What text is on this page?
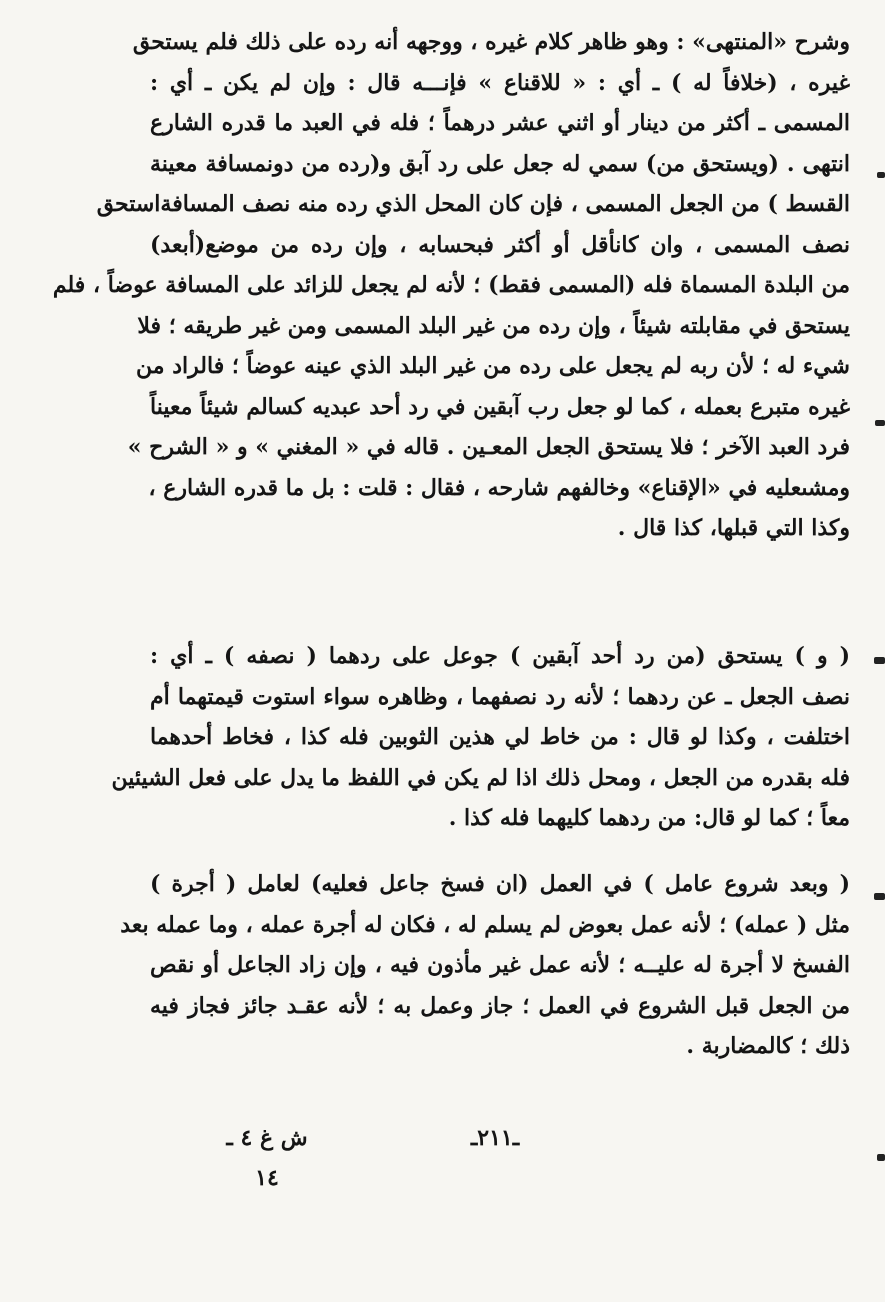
وشرح «المنتهى» : وهو ظاهر كلام غيره ، ووجهه أنه رده على ذلك فلم يستحق
غيره ، (خلافاً له ) ـ أي : « للاقناع » فإنـــه قال : وإن لم يكن ـ أي :
المسمى ـ أكثر من دينار أو اثني عشر درهماً ؛ فله في العبد ما قدره الشارع
انتهى . (ويستحق من) سمي له جعل على رد آبق و(رده من دونمسافة معينة
القسط ) من الجعل المسمى ، فإن كان المحل الذي رده منه نصف المسافةاستحق
نصف المسمى ، وان كانأقل أو أكثر فبحسابه ، وإن رده من موضع(أبعد)
من البلدة المسماة فله (المسمى فقط) ؛ لأنه لم يجعل للزائد على المسافة عوضاً ، فلم
يستحق في مقابلته شيئاً ، وإن رده من غير البلد المسمى ومن غير طريقه ؛ فلا
شيء له ؛ لأن ربه لم يجعل على رده من غير البلد الذي عينه عوضاً ؛ فالراد من
غيره متبرع بعمله ، كما لو جعل رب آبقين في رد أحد عبديه كسالم شيئاً معيناً
فرد العبد الآخر ؛ فلا يستحق الجعل المعـين . قاله في « المغني » و « الشرح »
ومشىعليه في «الإقناع» وخالفهم شارحه ، فقال : قلت : بل ما قدره الشارع ،
وكذا التي قبلها، كذا قال .
( و ) يستحق (من رد أحد آبقين ) جوعل على ردهما ( نصفه ) ـ أي :
نصف الجعل ـ عن ردهما ؛ لأنه رد نصفهما ، وظاهره سواء استوت قيمتهما أم
اختلفت ، وكذا لو قال : من خاط لي هذين الثوبين فله كذا ، فخاط أحدهما
فله بقدره من الجعل ، ومحل ذلك اذا لم يكن في اللفظ ما يدل على فعل الشيئين
معاً ؛ كما لو قال: من ردهما كليهما فله كذا .
( وبعد شروع عامل ) في العمل (ان فسخ جاعل فعليه) لعامل ( أجرة )
مثل ( عمله) ؛ لأنه عمل بعوض لم يسلم له ، فكان له أجرة عمله ، وما عمله بعد
الفسخ لا أجرة له عليــه ؛ لأنه عمل غير مأذون فيه ، وإن زاد الجاعل أو نقص
من الجعل قبل الشروع في العمل ؛ جاز وعمل به ؛ لأنه عقـد جائز فجاز فيه
ذلك ؛ كالمضاربة .
ش غ ٤ ـ ١٤
ـ٢١١ـ
